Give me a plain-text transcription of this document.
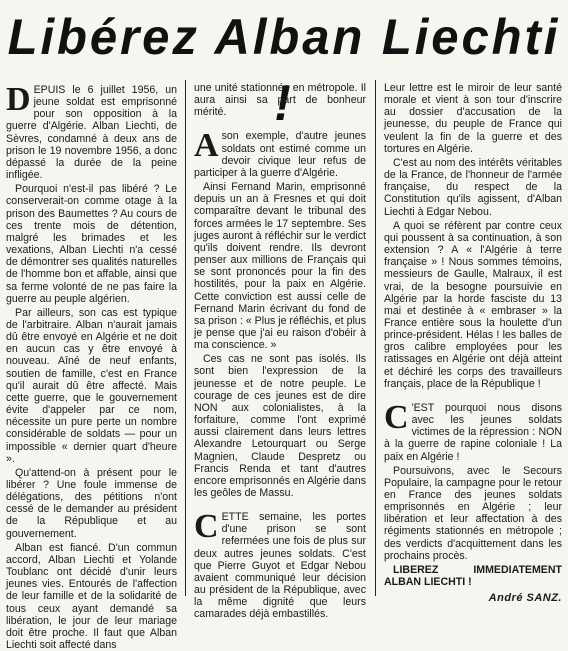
Libérez Alban Liechti !

DEPUIS le 6 juillet 1956, un jeune soldat est emprisonné pour son opposition à la guerre d'Algérie. Alban Liechti, de Sèvres, condamné à deux ans de prison le 19 novembre 1956, a donc dépassé la durée de la peine infligée.

Pourquoi n'est-il pas libéré ? Le conserverait-on comme otage à la prison des Baumettes ? Au cours de ces trente mois de détention, malgré les brimades et les vexations, Alban Liechti n'a cessé de démontrer ses qualités naturelles de l'homme bon et affable, ainsi que sa ferme volonté de ne pas faire la guerre au peuple algérien.

Par ailleurs, son cas est typique de l'arbitraire. Alban n'aurait jamais dû être envoyé en Algérie et ne doit en aucun cas y être envoyé à nouveau. Aîné de neuf enfants, soutien de famille, c'est en France qu'il aurait dû être affecté. Mais cette guerre, que le gouvernement évite d'appeler par ce nom, nécessite un pure perte un nombre considérable de soldats — pour un impossible « dernier quart d'heure ».

Qu'attend-on à présent pour le libérer ? Une foule immense de délégations, des pétitions n'ont cessé de le demander au président de la République et au gouvernement.

Alban est fiancé. D'un commun accord, Alban Liechti et Yolande Toublanc ont décidé d'unir leurs jeunes vies. Entourés de l'affection de leur famille et de la solidarité de tous ceux ayant demandé sa libération, le jour de leur mariage doit être proche. Il faut que Alban Liechti soit affecté dans

une unité stationnée en métropole. Il aura ainsi sa part de bonheur mérité.

A son exemple, d'autre jeunes soldats ont estimé comme un devoir civique leur refus de participer à la guerre d'Algérie.

Ainsi Fernand Marin, emprisonné depuis un an à Fresnes et qui doit comparaître devant le tribunal des forces armées le 17 septembre. Ses juges auront à réfléchir sur le verdict qu'ils doivent rendre. Ils devront penser aux millions de Français qui se sont prononcés pour la fin des hostilités, pour la paix en Algérie. Cette conviction est aussi celle de Fernand Marin écrivant du fond de sa prison : « Plus je réfléchis, et plus je pense que j'ai eu raison d'obéir à ma conscience. »

Ces cas ne sont pas isolés. Ils sont bien l'expression de la jeunesse et de notre peuple. Le courage de ces jeunes est de dire NON aux colonialistes, à la forfaiture, comme l'ont exprimé aussi clairement dans leurs lettres Alexandre Letourquart ou Serge Magnien, Claude Despretz ou Francis Renda et tant d'autres encore emprisonnés en Algérie dans les geôles de Massu.

CETTE semaine, les portes d'une prison se sont refermées une fois de plus sur deux autres jeunes soldats. C'est que Pierre Guyot et Edgar Nebou avaient communiqué leur décision au président de la République, avec la même dignité que leurs camarades déjà embastillés.

Leur lettre est le miroir de leur santé morale et vient à son tour d'inscrire au dossier d'accusation de la jeunesse, du peuple de France qui veulent la fin de la guerre et des tortures en Algérie.

C'est au nom des intérêts véritables de la France, de l'honneur de l'armée française, du respect de la Constitution qu'ils agissent, d'Alban Liechti à Edgar Nebou.

A quoi se réfèrent par contre ceux qui poussent à sa continuation, à son extension ? A « l'Algérie à terre française » ! Nous sommes témoins, messieurs de Gaulle, Malraux, il est vrai, de la besogne poursuivie en Algérie par la horde fasciste du 13 mai et destinée à « embraser » la France entière sous la houlette d'un prince-président. Hélas ! les balles de gros calibre employées pour les ratissages en Algérie ont déjà atteint et déchiré les corps des travailleurs français, place de la République !

C 'EST pourquoi nous disons avec les jeunes soldats victimes de la répression : NON à la guerre de rapine coloniale ! La paix en Algérie !

Poursuivons, avec le Secours Populaire, la campagne pour le retour en France des jeunes soldats emprisonnés en Algérie ; leur libération et leur affectation à des régiments stationnés en métropole ; des verdicts d'acquittement dans les prochains procès.

LIBEREZ IMMEDIATEMENT ALBAN LIECHTI !

André SANZ.
